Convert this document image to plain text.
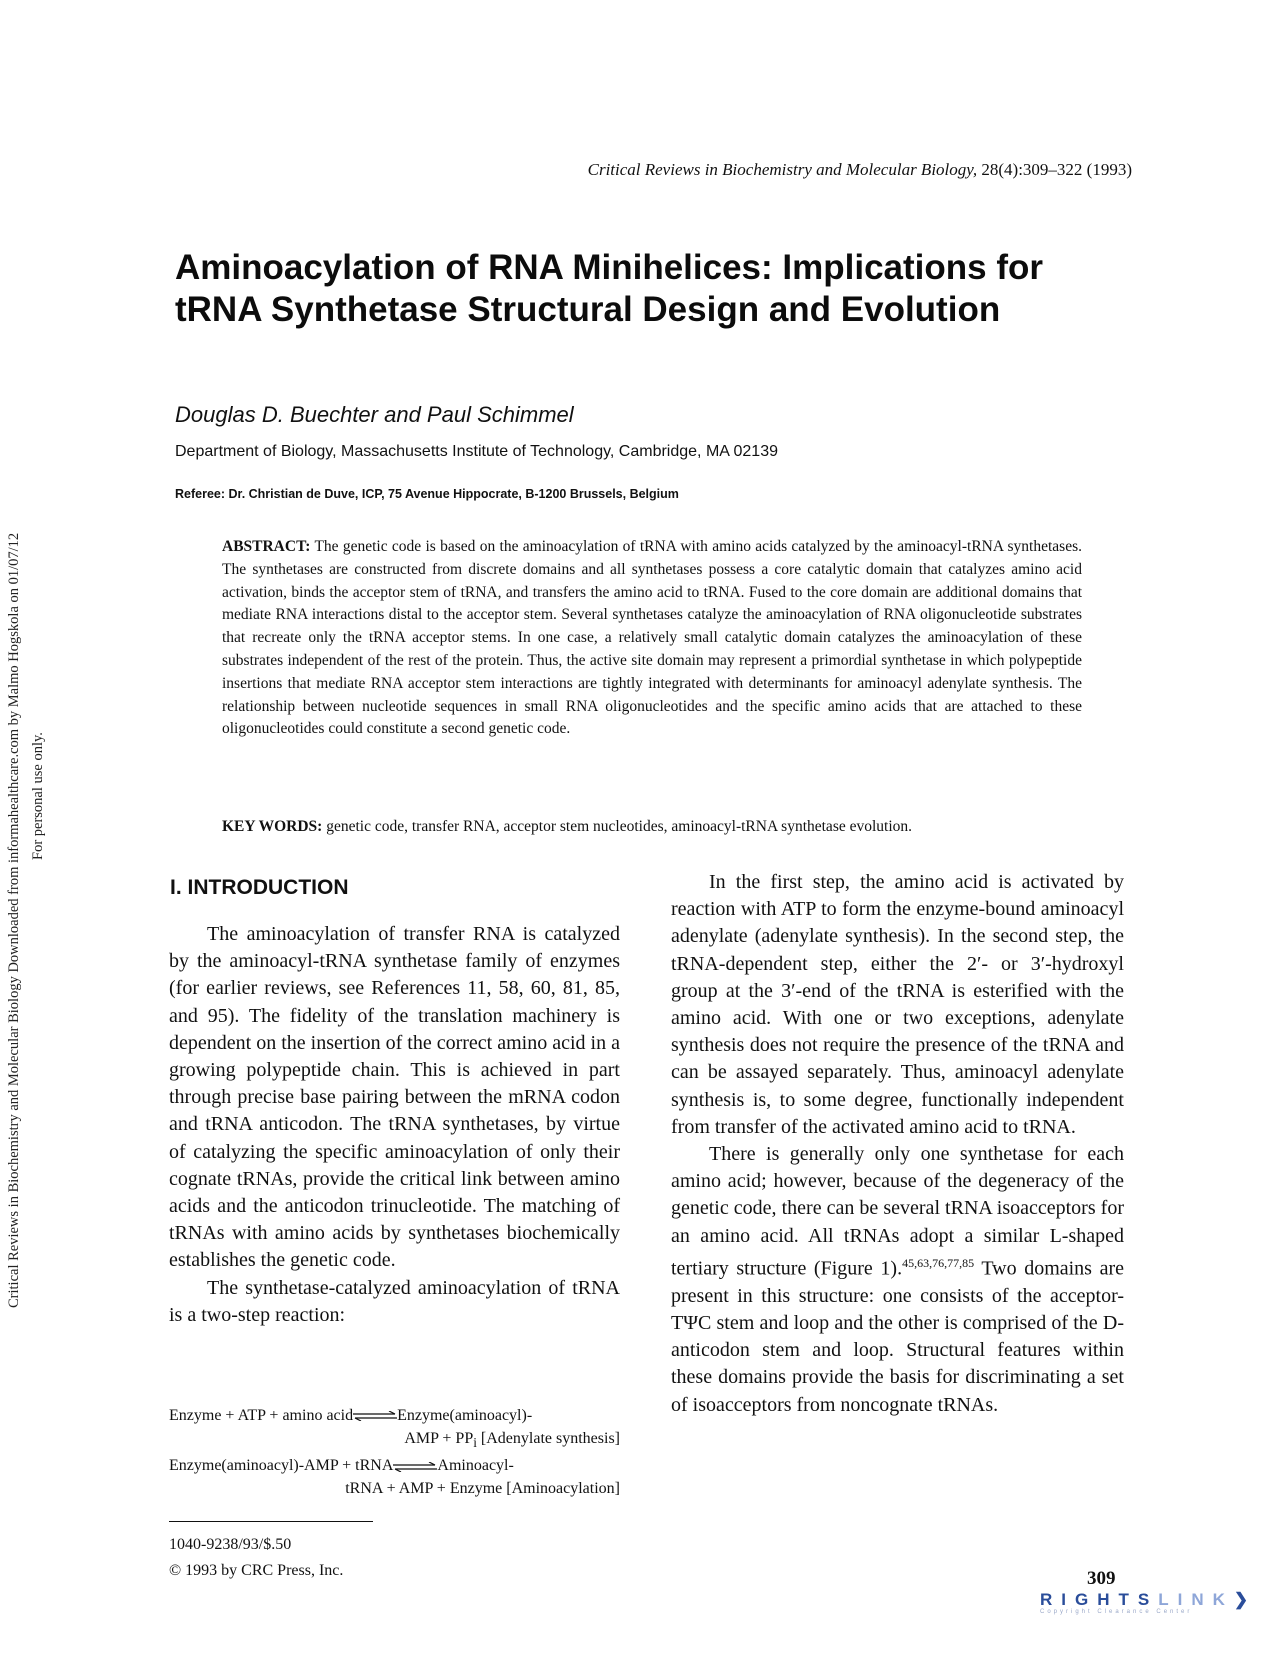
Critical Reviews in Biochemistry and Molecular Biology Downloaded from informahealthcare.com by Malmo Hogskola on 01/07/12 For personal use only.
Critical Reviews in Biochemistry and Molecular Biology, 28(4):309–322 (1993)
Aminoacylation of RNA Minihelices: Implications for tRNA Synthetase Structural Design and Evolution
Douglas D. Buechter and Paul Schimmel
Department of Biology, Massachusetts Institute of Technology, Cambridge, MA 02139
Referee: Dr. Christian de Duve, ICP, 75 Avenue Hippocrate, B-1200 Brussels, Belgium

ABSTRACT: The genetic code is based on the aminoacylation of tRNA with amino acids catalyzed by the aminoacyl-tRNA synthetases. The synthetases are constructed from discrete domains and all synthetases possess a core catalytic domain that catalyzes amino acid activation, binds the acceptor stem of tRNA, and transfers the amino acid to tRNA. Fused to the core domain are additional domains that mediate RNA interactions distal to the acceptor stem. Several synthetases catalyze the aminoacylation of RNA oligonucleotide substrates that recreate only the tRNA acceptor stems. In one case, a relatively small catalytic domain catalyzes the aminoacylation of these substrates independent of the rest of the protein. Thus, the active site domain may represent a primordial synthetase in which polypeptide insertions that mediate RNA acceptor stem interactions are tightly integrated with determinants for aminoacyl adenylate synthesis. The relationship between nucleotide sequences in small RNA oligonucleotides and the specific amino acids that are attached to these oligonucleotides could constitute a second genetic code.

KEY WORDS: genetic code, transfer RNA, acceptor stem nucleotides, aminoacyl-tRNA synthetase evolution.
I. INTRODUCTION

The aminoacylation of transfer RNA is catalyzed by the aminoacyl-tRNA synthetase family of enzymes (for earlier reviews, see References 11, 58, 60, 81, 85, and 95). The fidelity of the translation machinery is dependent on the insertion of the correct amino acid in a growing polypeptide chain. This is achieved in part through precise base pairing between the mRNA codon and tRNA anticodon. The tRNA synthetases, by virtue of catalyzing the specific aminoacylation of only their cognate tRNAs, provide the critical link between amino acids and the anticodon trinucleotide. The matching of tRNAs with amino acids by synthetases biochemically establishes the genetic code.

The synthetase-catalyzed aminoacylation of tRNA is a two-step reaction:

Enzyme + ATP + amino acid⇌Enzyme(aminoacyl)-
AMP + $PP_i$ [Adenylate synthesis]
Enzyme(aminoacyl)-AMP + tRNA⇌Aminoacyl-
tRNA + AMP + Enzyme [Aminoacylation]

In the first step, the amino acid is activated by reaction with ATP to form the enzyme-bound aminoacyl adenylate (adenylate synthesis). In the second step, the tRNA-dependent step, either the 2′- or 3′-hydroxyl group at the 3′-end of the tRNA is esterified with the amino acid. With one or two exceptions, adenylate synthesis does not require the presence of the tRNA and can be assayed separately. Thus, aminoacyl adenylate synthesis is, to some degree, functionally independent from transfer of the activated amino acid to tRNA.

There is generally only one synthetase for each amino acid; however, because of the degeneracy of the genetic code, there can be several tRNA isoacceptors for an amino acid. All tRNAs adopt a similar L-shaped tertiary structure (Figure 1).$^{45,63,76,77,85}$ Two domains are present in this structure: one consists of the acceptor-TΨC stem and loop and the other is comprised of the D-anticodon stem and loop. Structural features within these domains provide the basis for discriminating a set of isoacceptors from noncognate tRNAs.

1040-9238/93/$.50
© 1993 by CRC Press, Inc.	309
RIGHTSLINK❯
Copyright Clearance Center
